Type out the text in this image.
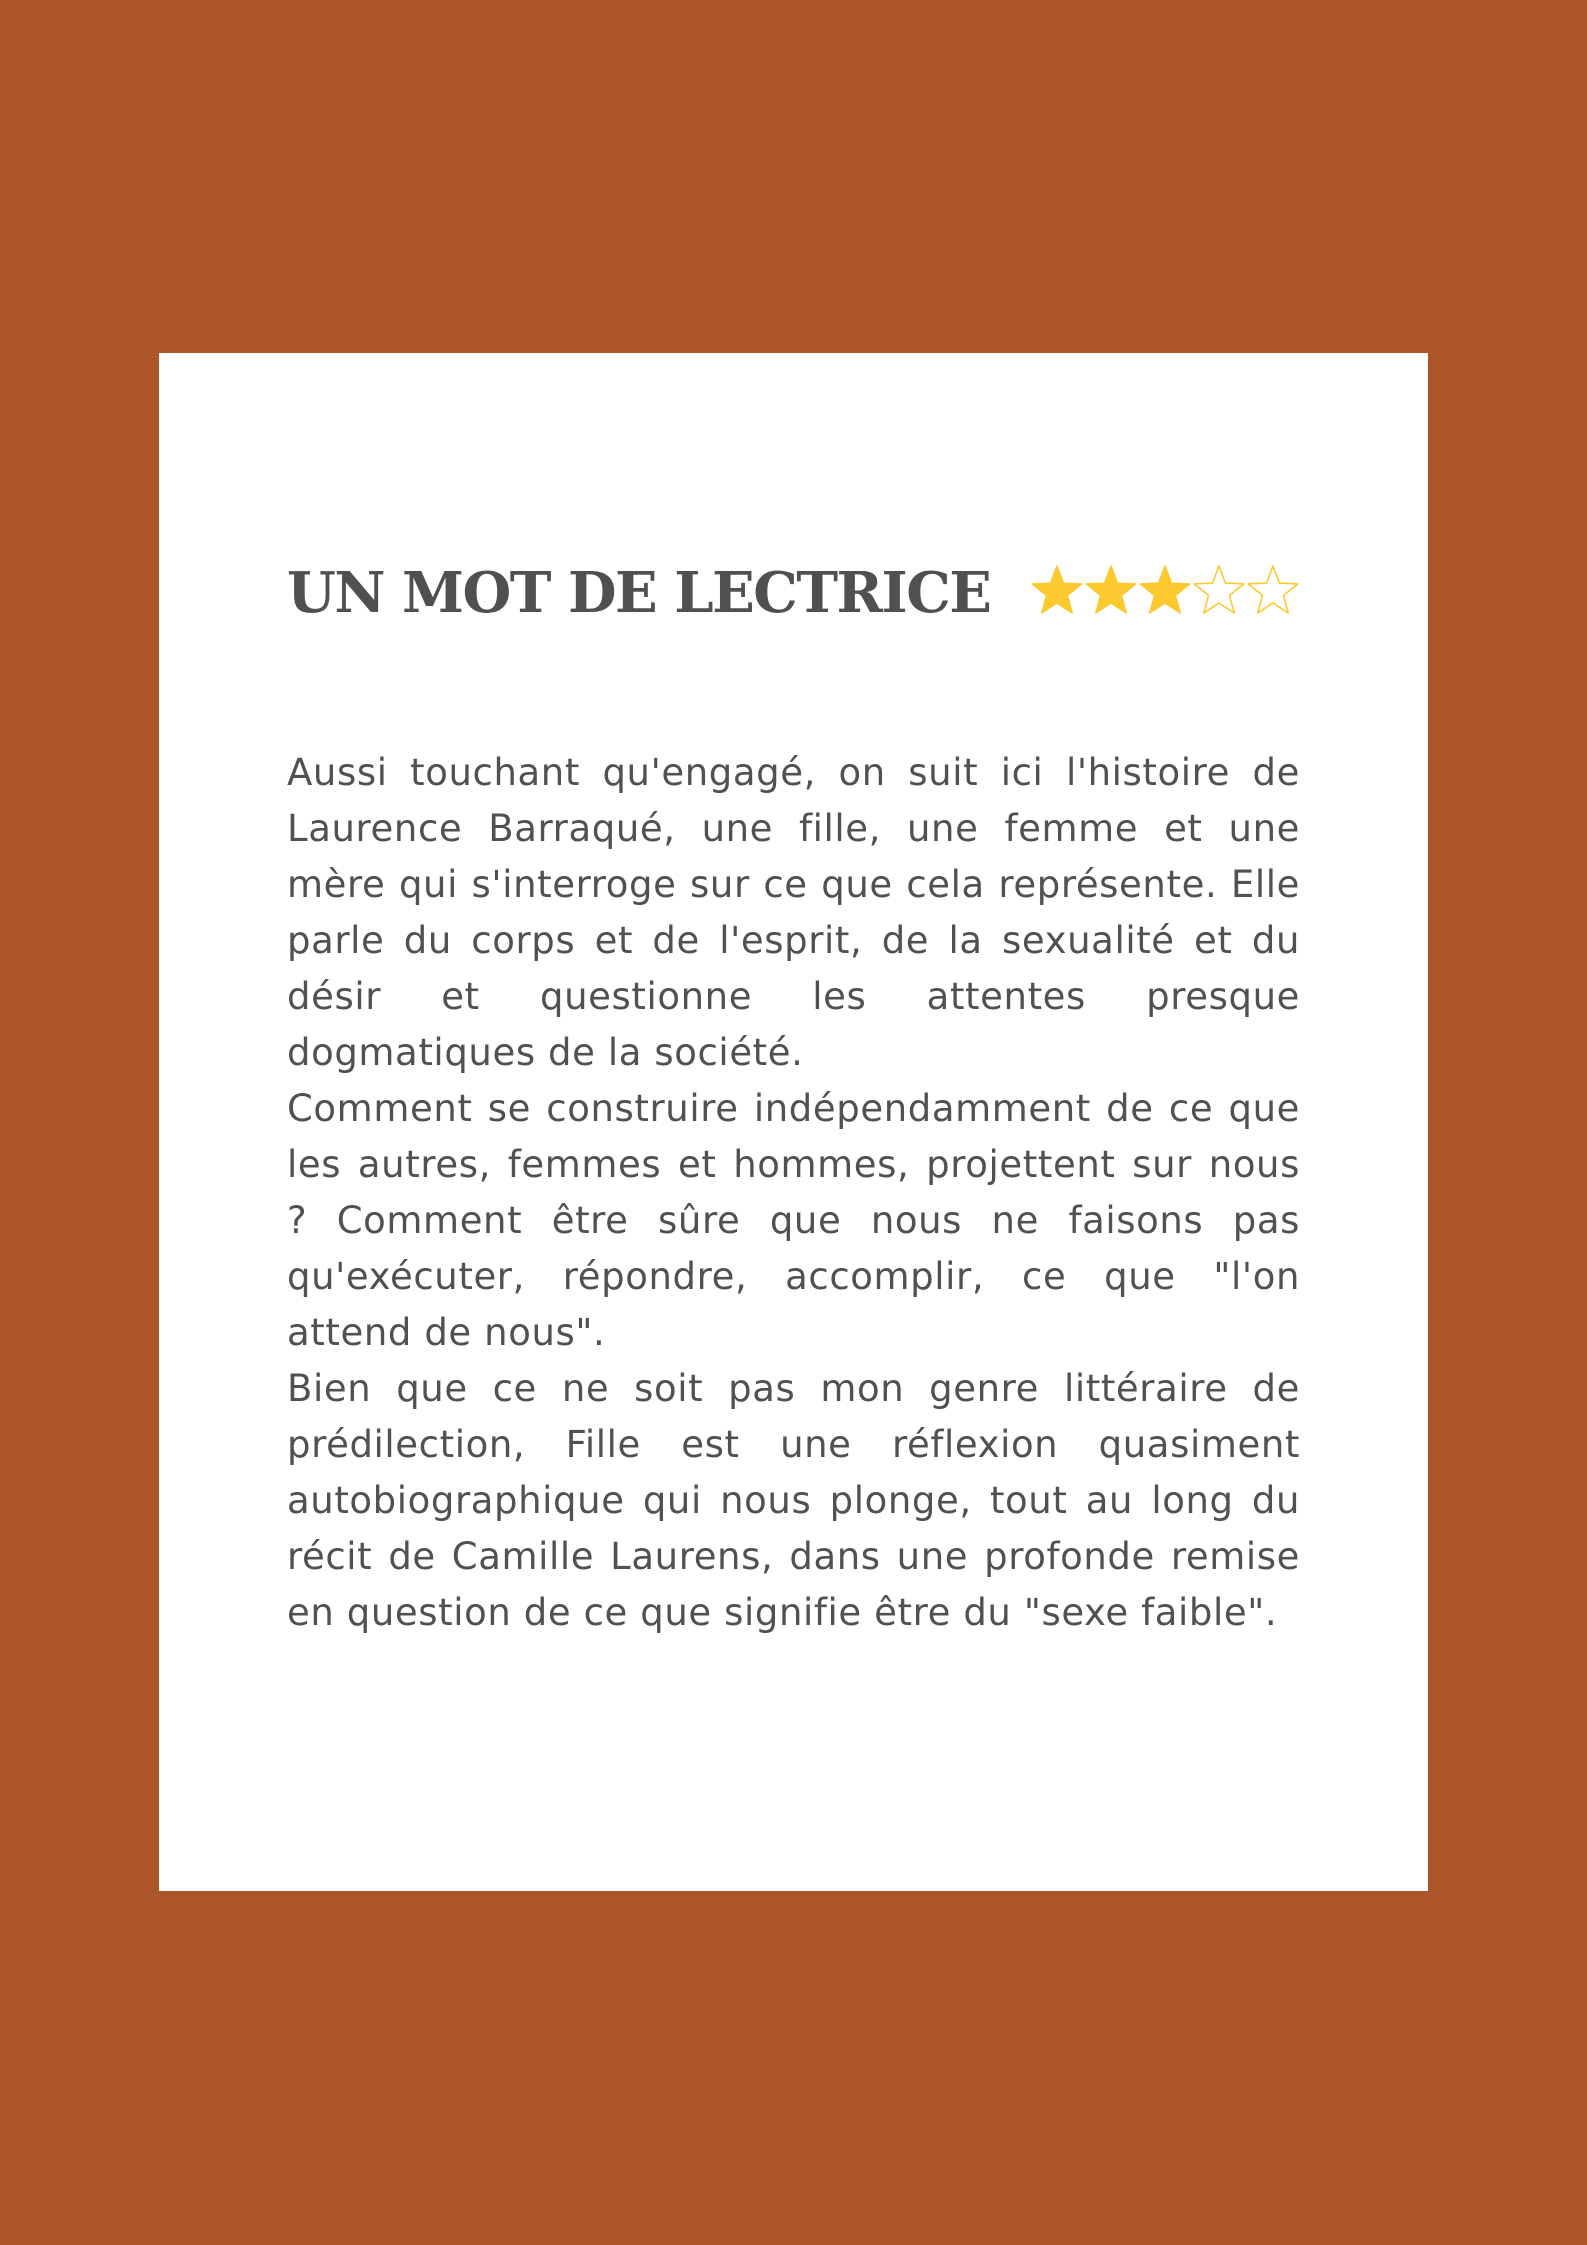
UN MOT DE LECTRICE

Aussi touchant qu'engagé, on suit ici l'histoire de Laurence Barraqué, une fille, une femme et une mère qui s'interroge sur ce que cela représente. Elle parle du corps et de l'esprit, de la sexualité et du désir et questionne les attentes presque dogmatiques de la société.

Comment se construire indépendamment de ce que les autres, femmes et hommes, projettent sur nous ? Comment être sûre que nous ne faisons pas qu'exécuter, répondre, accomplir, ce que "l'on attend de nous".

Bien que ce ne soit pas mon genre littéraire de prédilection, Fille est une réflexion quasiment autobiographique qui nous plonge, tout au long du récit de Camille Laurens, dans une profonde remise en question de ce que signifie être du "sexe faible".
